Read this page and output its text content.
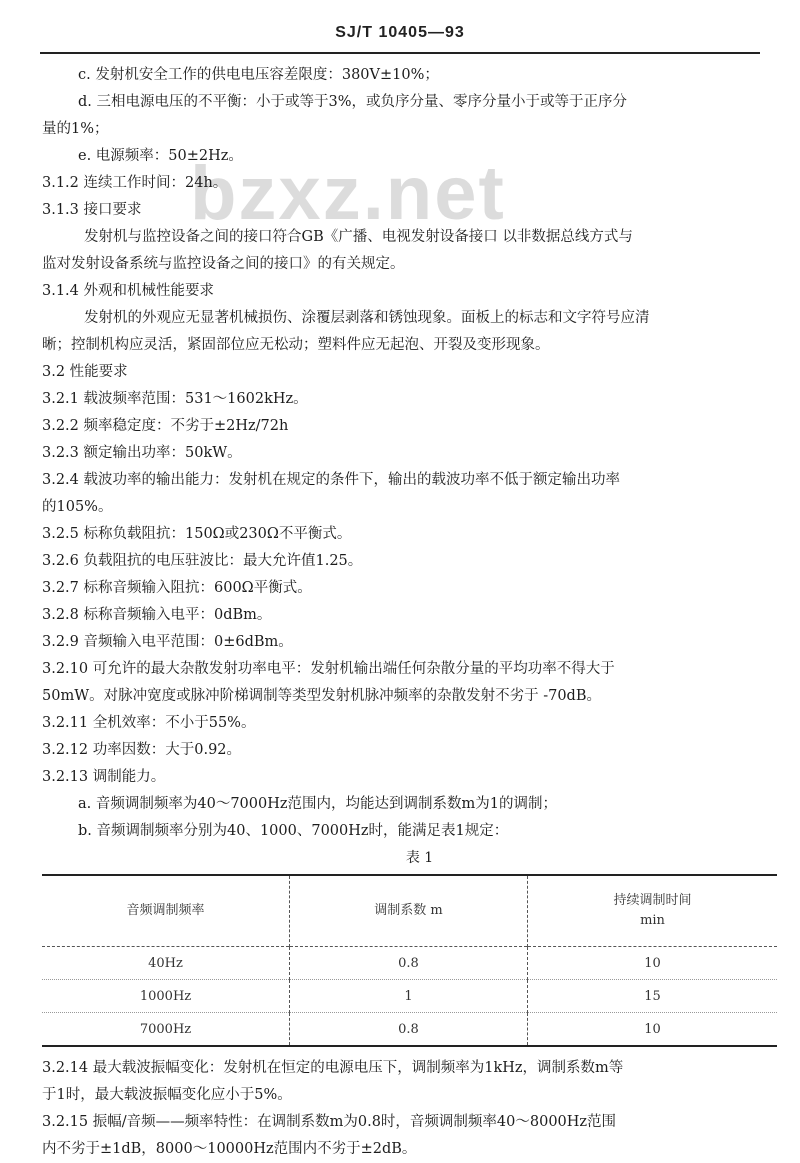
SJ/T 10405—93
bzxz.net
c. 发射机安全工作的供电电压容差限度：380V±10%；
d. 三相电源电压的不平衡：小于或等于3%，或负序分量、零序分量小于或等于正序分
量的1%；
e. 电源频率：50±2Hz。
3.1.2 连续工作时间：24h。
3.1.3 接口要求
发射机与监控设备之间的接口符合GB《广播、电视发射设备接口 以非数据总线方式与
监对发射设备系统与监控设备之间的接口》的有关规定。
3.1.4 外观和机械性能要求
发射机的外观应无显著机械损伤、涂覆层剥落和锈蚀现象。面板上的标志和文字符号应清
晰；控制机构应灵活，紧固部位应无松动；塑料件应无起泡、开裂及变形现象。
3.2 性能要求
3.2.1 载波频率范围：531～1602kHz。
3.2.2 频率稳定度：不劣于±2Hz/72h
3.2.3 额定输出功率：50kW。
3.2.4 载波功率的输出能力：发射机在规定的条件下，输出的载波功率不低于额定输出功率
的105%。
3.2.5 标称负载阻抗：150Ω或230Ω不平衡式。
3.2.6 负载阻抗的电压驻波比：最大允许值1.25。
3.2.7 标称音频输入阻抗：600Ω平衡式。
3.2.8 标称音频输入电平：0dBm。
3.2.9 音频输入电平范围：0±6dBm。
3.2.10 可允许的最大杂散发射功率电平：发射机输出端任何杂散分量的平均功率不得大于
50mW。对脉冲宽度或脉冲阶梯调制等类型发射机脉冲频率的杂散发射不劣于 -70dB。
3.2.11 全机效率：不小于55%。
3.2.12 功率因数：大于0.92。
3.2.13 调制能力。
a. 音频调制频率为40～7000Hz范围内，均能达到调制系数m为1的调制；
b. 音频调制频率分别为40、1000、7000Hz时，能满足表1规定：
表 1
音频调制频率	调制系数 m	持续调制时间
min

40Hz	0.8	10
1000Hz	1	15
7000Hz	0.8	10
3.2.14 最大载波振幅变化：发射机在恒定的电源电压下，调制频率为1kHz，调制系数m等
于1时，最大载波振幅变化应小于5%。
3.2.15 振幅/音频——频率特性：在调制系数m为0.8时，音频调制频率40～8000Hz范围
内不劣于±1dB，8000～10000Hz范围内不劣于±2dB。
